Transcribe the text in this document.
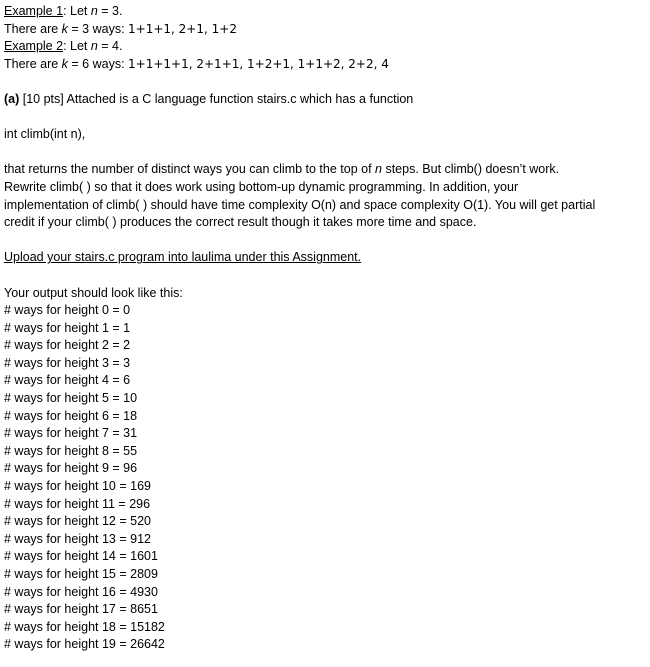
Example 1: Let n = 3.
There are k = 3 ways: 1+1+1, 2+1, 1+2
Example 2: Let n = 4.
There are k = 6 ways: 1+1+1+1, 2+1+1, 1+2+1, 1+1+2, 2+2, 4
(a) [10 pts] Attached is a C language function stairs.c which has a function
int climb(int n),
that returns the number of distinct ways you can climb to the top of n steps. But climb() doesn’t work.
Rewrite climb( ) so that it does work using bottom-up dynamic programming. In addition, your
implementation of climb( ) should have time complexity O(n) and space complexity O(1). You will get partial
credit if your climb( ) produces the correct result though it takes more time and space.
Upload your stairs.c program into laulima under this Assignment.
Your output should look like this:
# ways for height 0 = 0
# ways for height 1 = 1
# ways for height 2 = 2
# ways for height 3 = 3
# ways for height 4 = 6
# ways for height 5 = 10
# ways for height 6 = 18
# ways for height 7 = 31
# ways for height 8 = 55
# ways for height 9 = 96
# ways for height 10 = 169
# ways for height 11 = 296
# ways for height 12 = 520
# ways for height 13 = 912
# ways for height 14 = 1601
# ways for height 15 = 2809
# ways for height 16 = 4930
# ways for height 17 = 8651
# ways for height 18 = 15182
# ways for height 19 = 26642
